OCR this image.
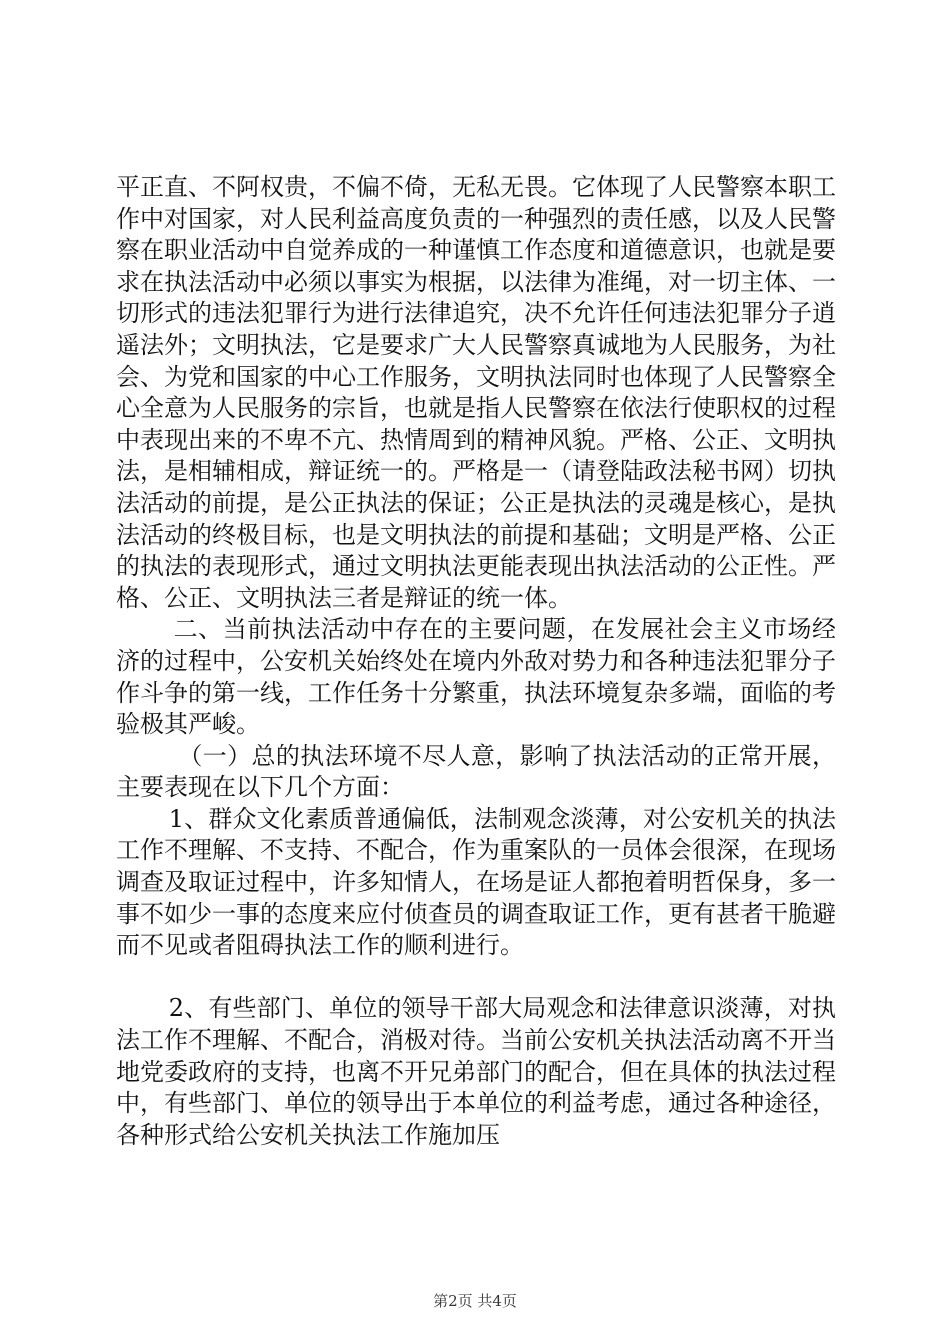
平正直、不阿权贵，不偏不倚，无私无畏。它体现了人民警察本职工作中对国家，对人民利益高度负责的一种强烈的责任感，以及人民警察在职业活动中自觉养成的一种谨慎工作态度和道德意识，也就是要求在执法活动中必须以事实为根据，以法律为准绳，对一切主体、一切形式的违法犯罪行为进行法律追究，决不允许任何违法犯罪分子逍遥法外；文明执法，它是要求广大人民警察真诚地为人民服务，为社会、为党和国家的中心工作服务，文明执法同时也体现了人民警察全心全意为人民服务的宗旨，也就是指人民警察在依法行使职权的过程中表现出来的不卑不亢、热情周到的精神风貌。严格、公正、文明执法，是相辅相成，辩证统一的。严格是一（请登陆政法秘书网）切执法活动的前提，是公正执法的保证；公正是执法的灵魂是核心，是执法活动的终极目标，也是文明执法的前提和基础；文明是严格、公正的执法的表现形式，通过文明执法更能表现出执法活动的公正性。严格、公正、文明执法三者是辩证的统一体。

二、当前执法活动中存在的主要问题，在发展社会主义市场经济的过程中，公安机关始终处在境内外敌对势力和各种违法犯罪分子作斗争的第一线，工作任务十分繁重，执法环境复杂多端，面临的考验极其严峻。

（一）总的执法环境不尽人意，影响了执法活动的正常开展，主要表现在以下几个方面：

1、群众文化素质普通偏低，法制观念淡薄，对公安机关的执法工作不理解、不支持、不配合，作为重案队的一员体会很深，在现场调查及取证过程中，许多知情人，在场是证人都抱着明哲保身，多一事不如少一事的态度来应付侦查员的调查取证工作，更有甚者干脆避而不见或者阻碍执法工作的顺利进行。

2、有些部门、单位的领导干部大局观念和法律意识淡薄，对执法工作不理解、不配合，消极对待。当前公安机关执法活动离不开当地党委政府的支持，也离不开兄弟部门的配合，但在具体的执法过程中，有些部门、单位的领导出于本单位的利益考虑，通过各种途径，各种形式给公安机关执法工作施加压

第2页 共4页
